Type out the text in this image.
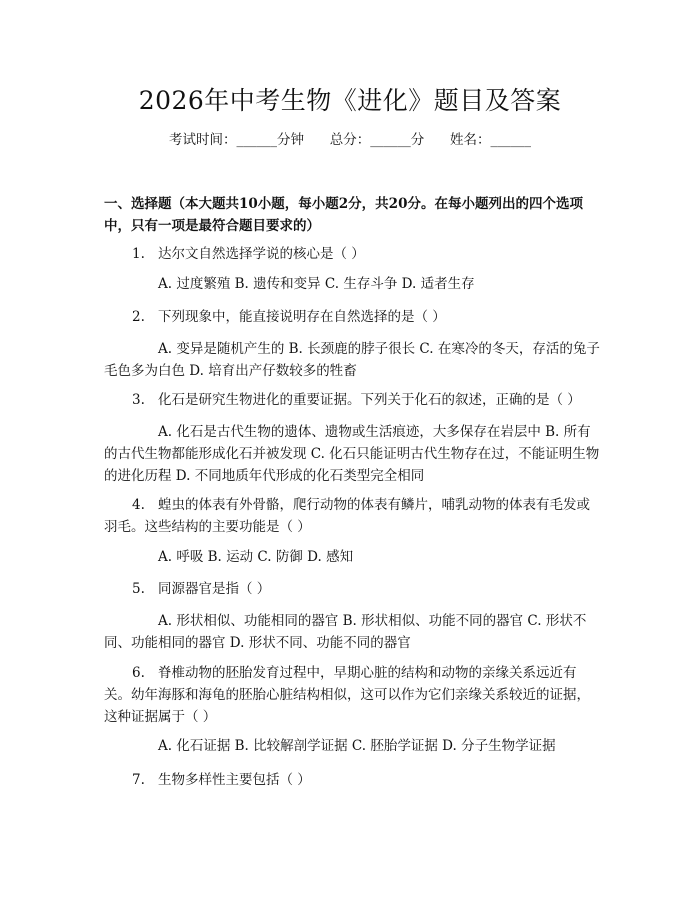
2026年中考生物《进化》题目及答案
考试时间：______分钟      总分：______分      姓名：______
一、选择题（本大题共10小题，每小题2分，共20分。在每小题列出的四个选项中，只有一项是最符合题目要求的）
1. 达尔文自然选择学说的核心是（ ）
A. 过度繁殖 B. 遗传和变异 C. 生存斗争 D. 适者生存
2. 下列现象中，能直接说明存在自然选择的是（ ）
A. 变异是随机产生的 B. 长颈鹿的脖子很长 C. 在寒冷的冬天，存活的兔子毛色多为白色 D. 培育出产仔数较多的牲畜
3. 化石是研究生物进化的重要证据。下列关于化石的叙述，正确的是（ ）
A. 化石是古代生物的遗体、遗物或生活痕迹，大多保存在岩层中 B. 所有的古代生物都能形成化石并被发现 C. 化石只能证明古代生物存在过，不能证明生物的进化历程 D. 不同地质年代形成的化石类型完全相同
4. 蝗虫的体表有外骨骼，爬行动物的体表有鳞片，哺乳动物的体表有毛发或羽毛。这些结构的主要功能是（ ）
A. 呼吸 B. 运动 C. 防御 D. 感知
5. 同源器官是指（ ）
A. 形状相似、功能相同的器官 B. 形状相似、功能不同的器官 C. 形状不同、功能相同的器官 D. 形状不同、功能不同的器官
6. 脊椎动物的胚胎发育过程中，早期心脏的结构和动物的亲缘关系远近有关。幼年海豚和海龟的胚胎心脏结构相似，这可以作为它们亲缘关系较近的证据，这种证据属于（ ）
A. 化石证据 B. 比较解剖学证据 C. 胚胎学证据 D. 分子生物学证据
7. 生物多样性主要包括（ ）
